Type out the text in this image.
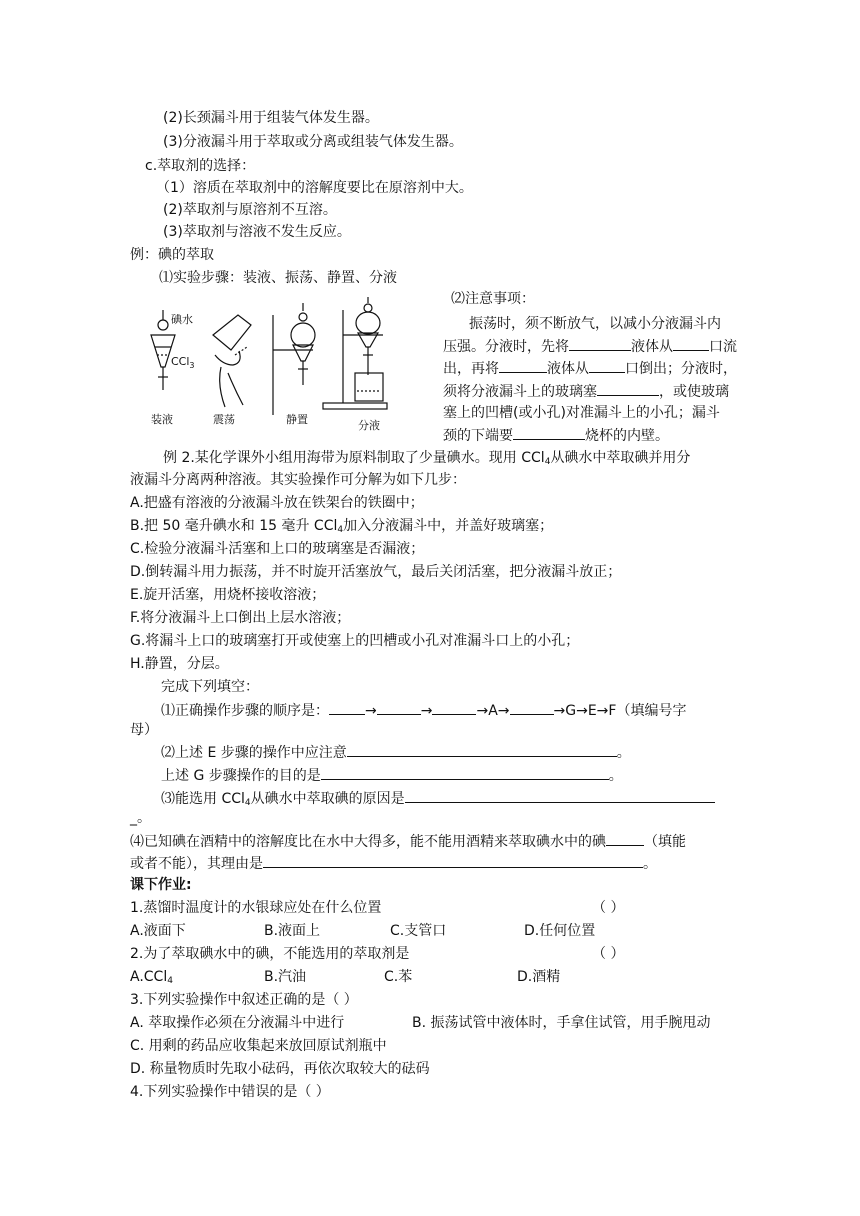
(2)长颈漏斗用于组装气体发生器。
(3)分液漏斗用于萃取或分离或组装气体发生器。
c.萃取剂的选择：
（1）溶质在萃取剂中的溶解度要比在原溶剂中大。
(2)萃取剂与原溶剂不互溶。
(3)萃取剂与溶液不发生反应。
例：碘的萃取
⑴实验步骤：装液、振荡、静置、分液
碘水
CCl$_3$
装液	震荡	静置	分液
⑵注意事项：
振荡时，须不断放气，以减小分液漏斗内
压强。分液时，先将	液体从	口流
出，再将	液体从	口倒出；分液时，
须将分液漏斗上的玻璃塞	，或使玻璃
塞上的凹槽(或小孔)对准漏斗上的小孔；漏斗
颈的下端要	烧杯的内壁。
例 2.某化学课外小组用海带为原料制取了少量碘水。现用 CCl$_4$从碘水中萃取碘并用分
液漏斗分离两种溶液。其实验操作可分解为如下几步：
A.把盛有溶液的分液漏斗放在铁架台的铁圈中；
B.把 50 毫升碘水和 15 毫升 CCl$_4$加入分液漏斗中，并盖好玻璃塞；
C.检验分液漏斗活塞和上口的玻璃塞是否漏液；
D.倒转漏斗用力振荡，并不时旋开活塞放气，最后关闭活塞，把分液漏斗放正；
E.旋开活塞，用烧杯接收溶液；
F.将分液漏斗上口倒出上层水溶液；
G.将漏斗上口的玻璃塞打开或使塞上的凹槽或小孔对准漏斗口上的小孔；
H.静置，分层。
完成下列填空：
⑴正确操作步骤的顺序是：	→	→	→A→	→G→E→F（填编号字
母）
⑵上述 E 步骤的操作中应注意	。
上述 G 步骤操作的目的是	。
⑶能选用 CCl$_4$从碘水中萃取碘的原因是
_。
⑷已知碘在酒精中的溶解度比在水中大得多，能不能用酒精来萃取碘水中的碘	（填能
或者不能），其理由是	。
课下作业:
1.蒸馏时温度计的水银球应处在什么位置	（ ）
A.液面下	B.液面上	C.支管口	D.任何位置
2.为了萃取碘水中的碘，不能选用的萃取剂是	（ ）
A.CCl$_4$	B.汽油	C.苯	D.酒精
3.下列实验操作中叙述正确的是（ ）
A. 萃取操作必须在分液漏斗中进行	B. 振荡试管中液体时，手拿住试管，用手腕甩动
C. 用剩的药品应收集起来放回原试剂瓶中
D. 称量物质时先取小砝码，再依次取较大的砝码
4.下列实验操作中错误的是（ ）
